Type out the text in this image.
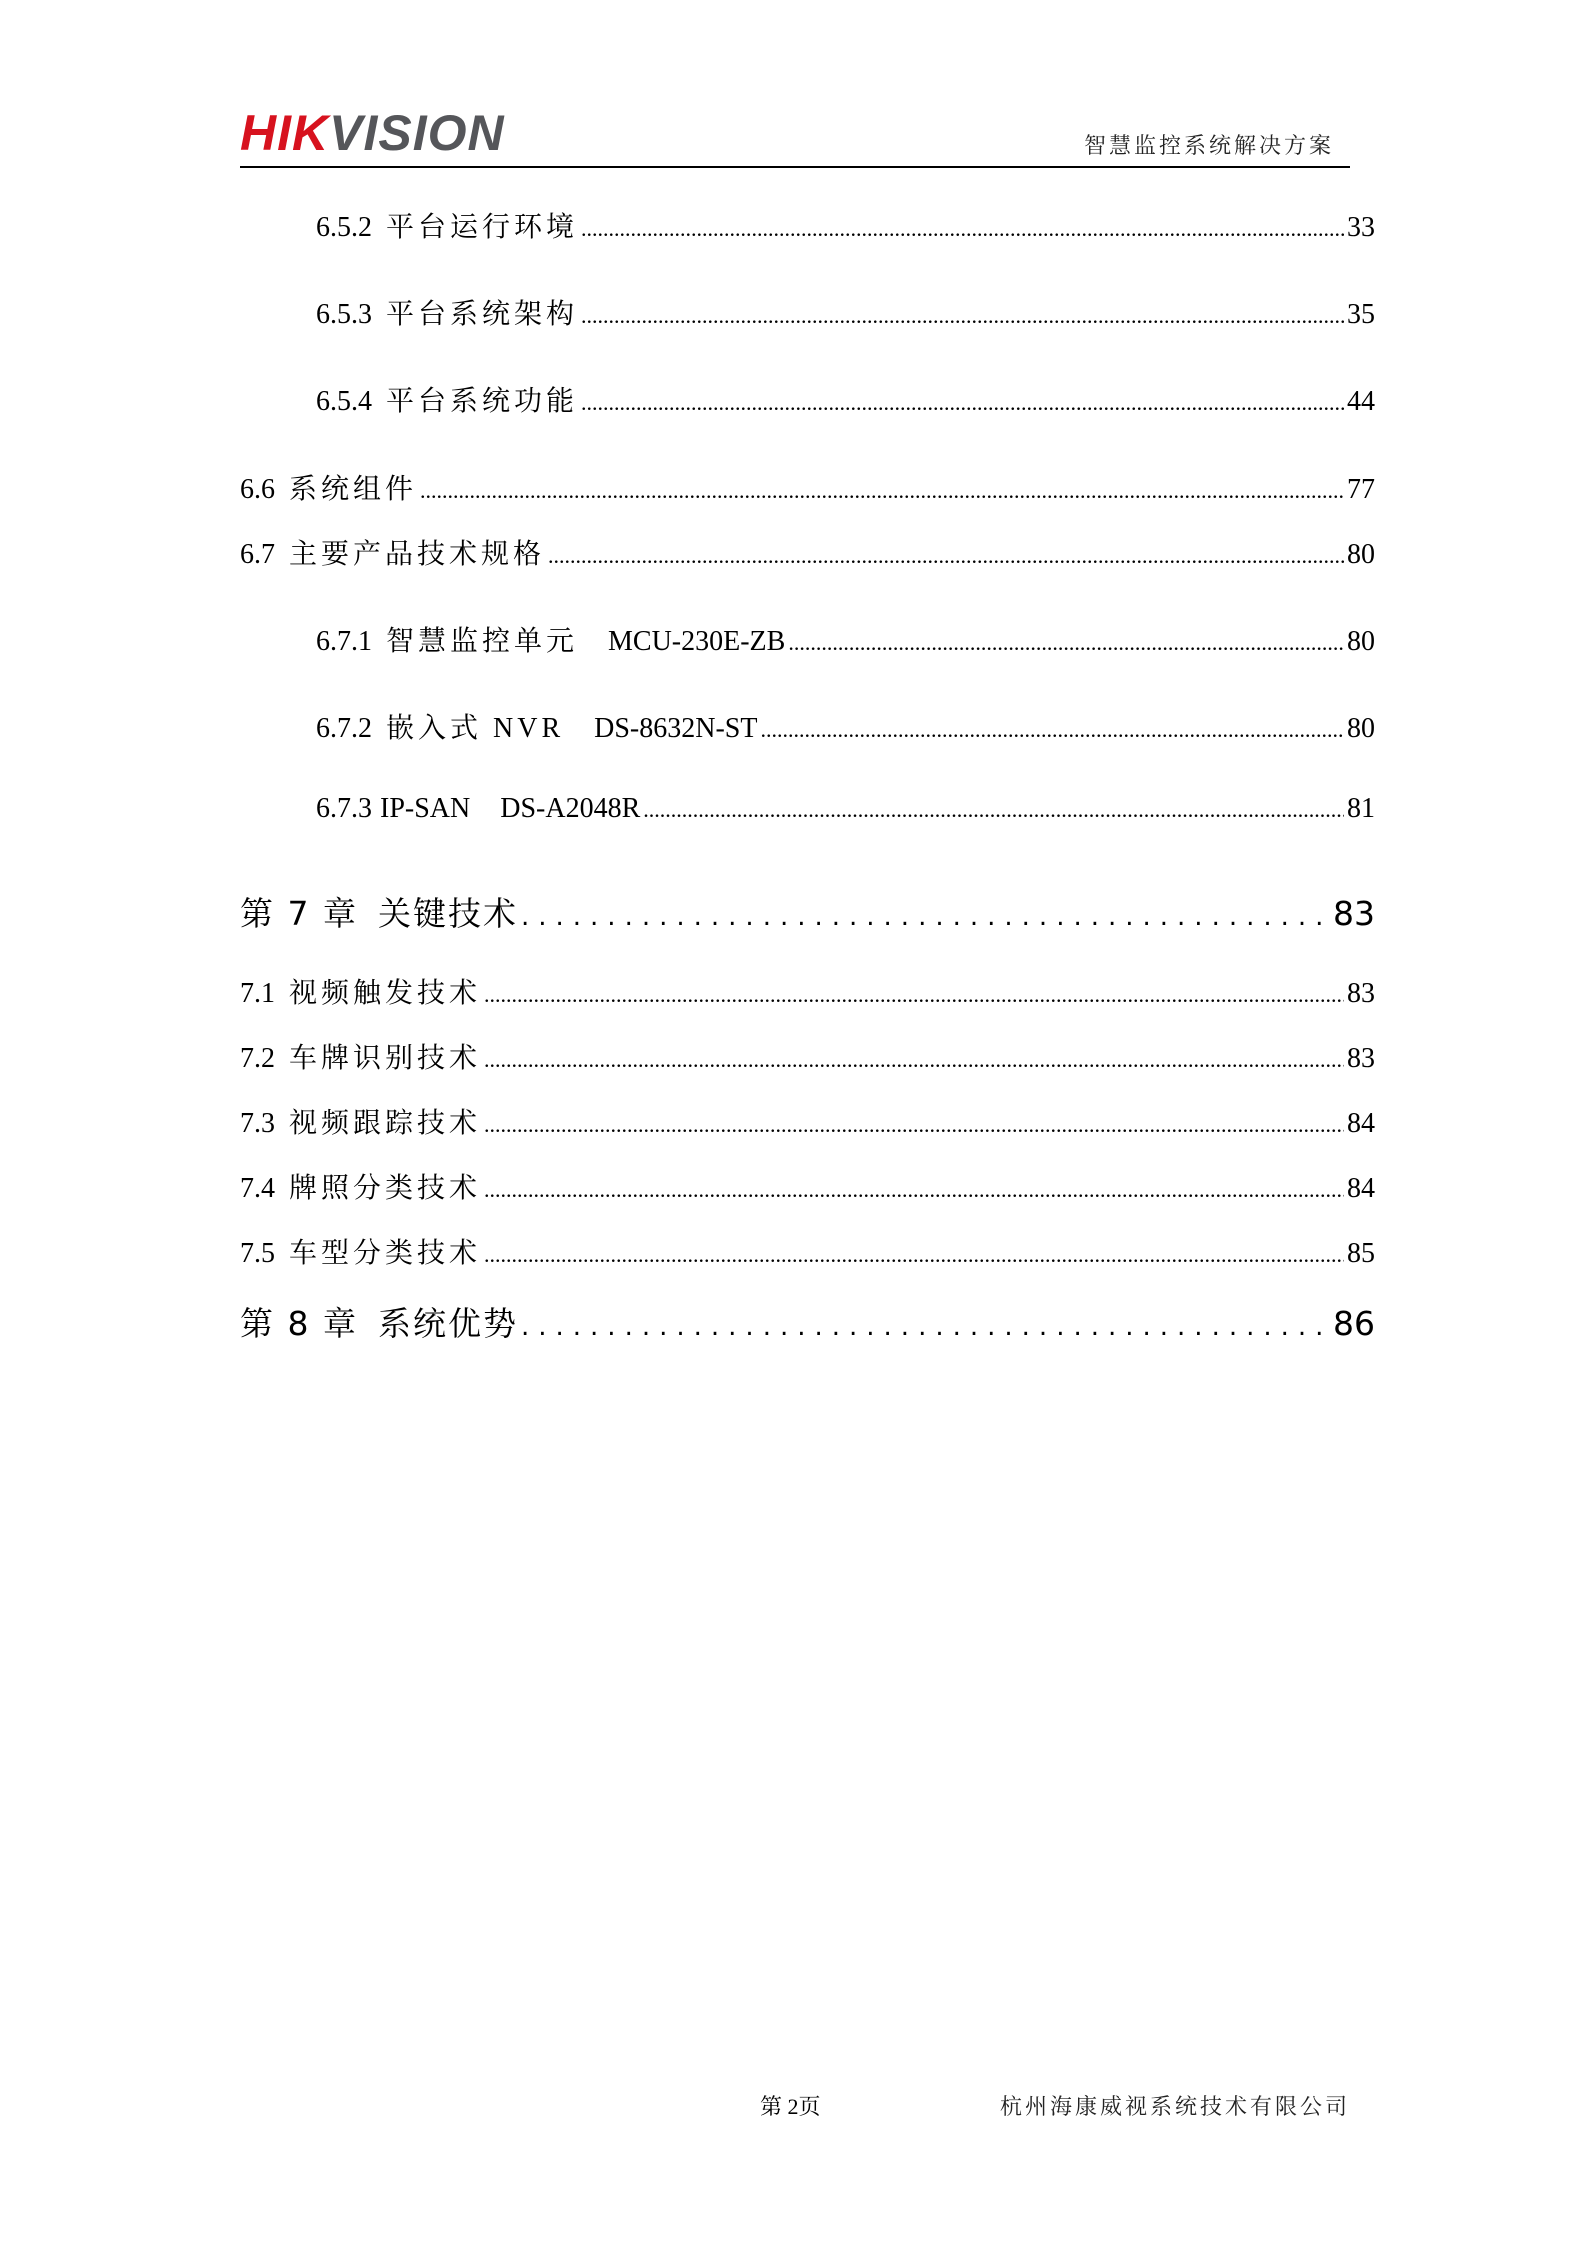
HIKVISION	智慧监控系统解决方案
6.5.2 平台运行环境 .....	33
6.5.3 平台系统架构 .....	35
6.5.4 平台系统功能 .....	44
6.6 系统组件 .....	77
6.7 主要产品技术规格 .....	80
6.7.1 智慧监控单元 MCU-230E-ZB .....	80
6.7.2 嵌入式 NVR DS-8632N-ST .....	80
6.7.3 IP-SAN DS-A2048R .....	81
第 7 章 关键技术 .....	83
7.1 视频触发技术 .....	83
7.2 车牌识别技术 .....	83
7.3 视频跟踪技术 .....	84
7.4 牌照分类技术 .....	84
7.5 车型分类技术 .....	85
第 8 章 系统优势 .....	86
第 2页	杭州海康威视系统技术有限公司
